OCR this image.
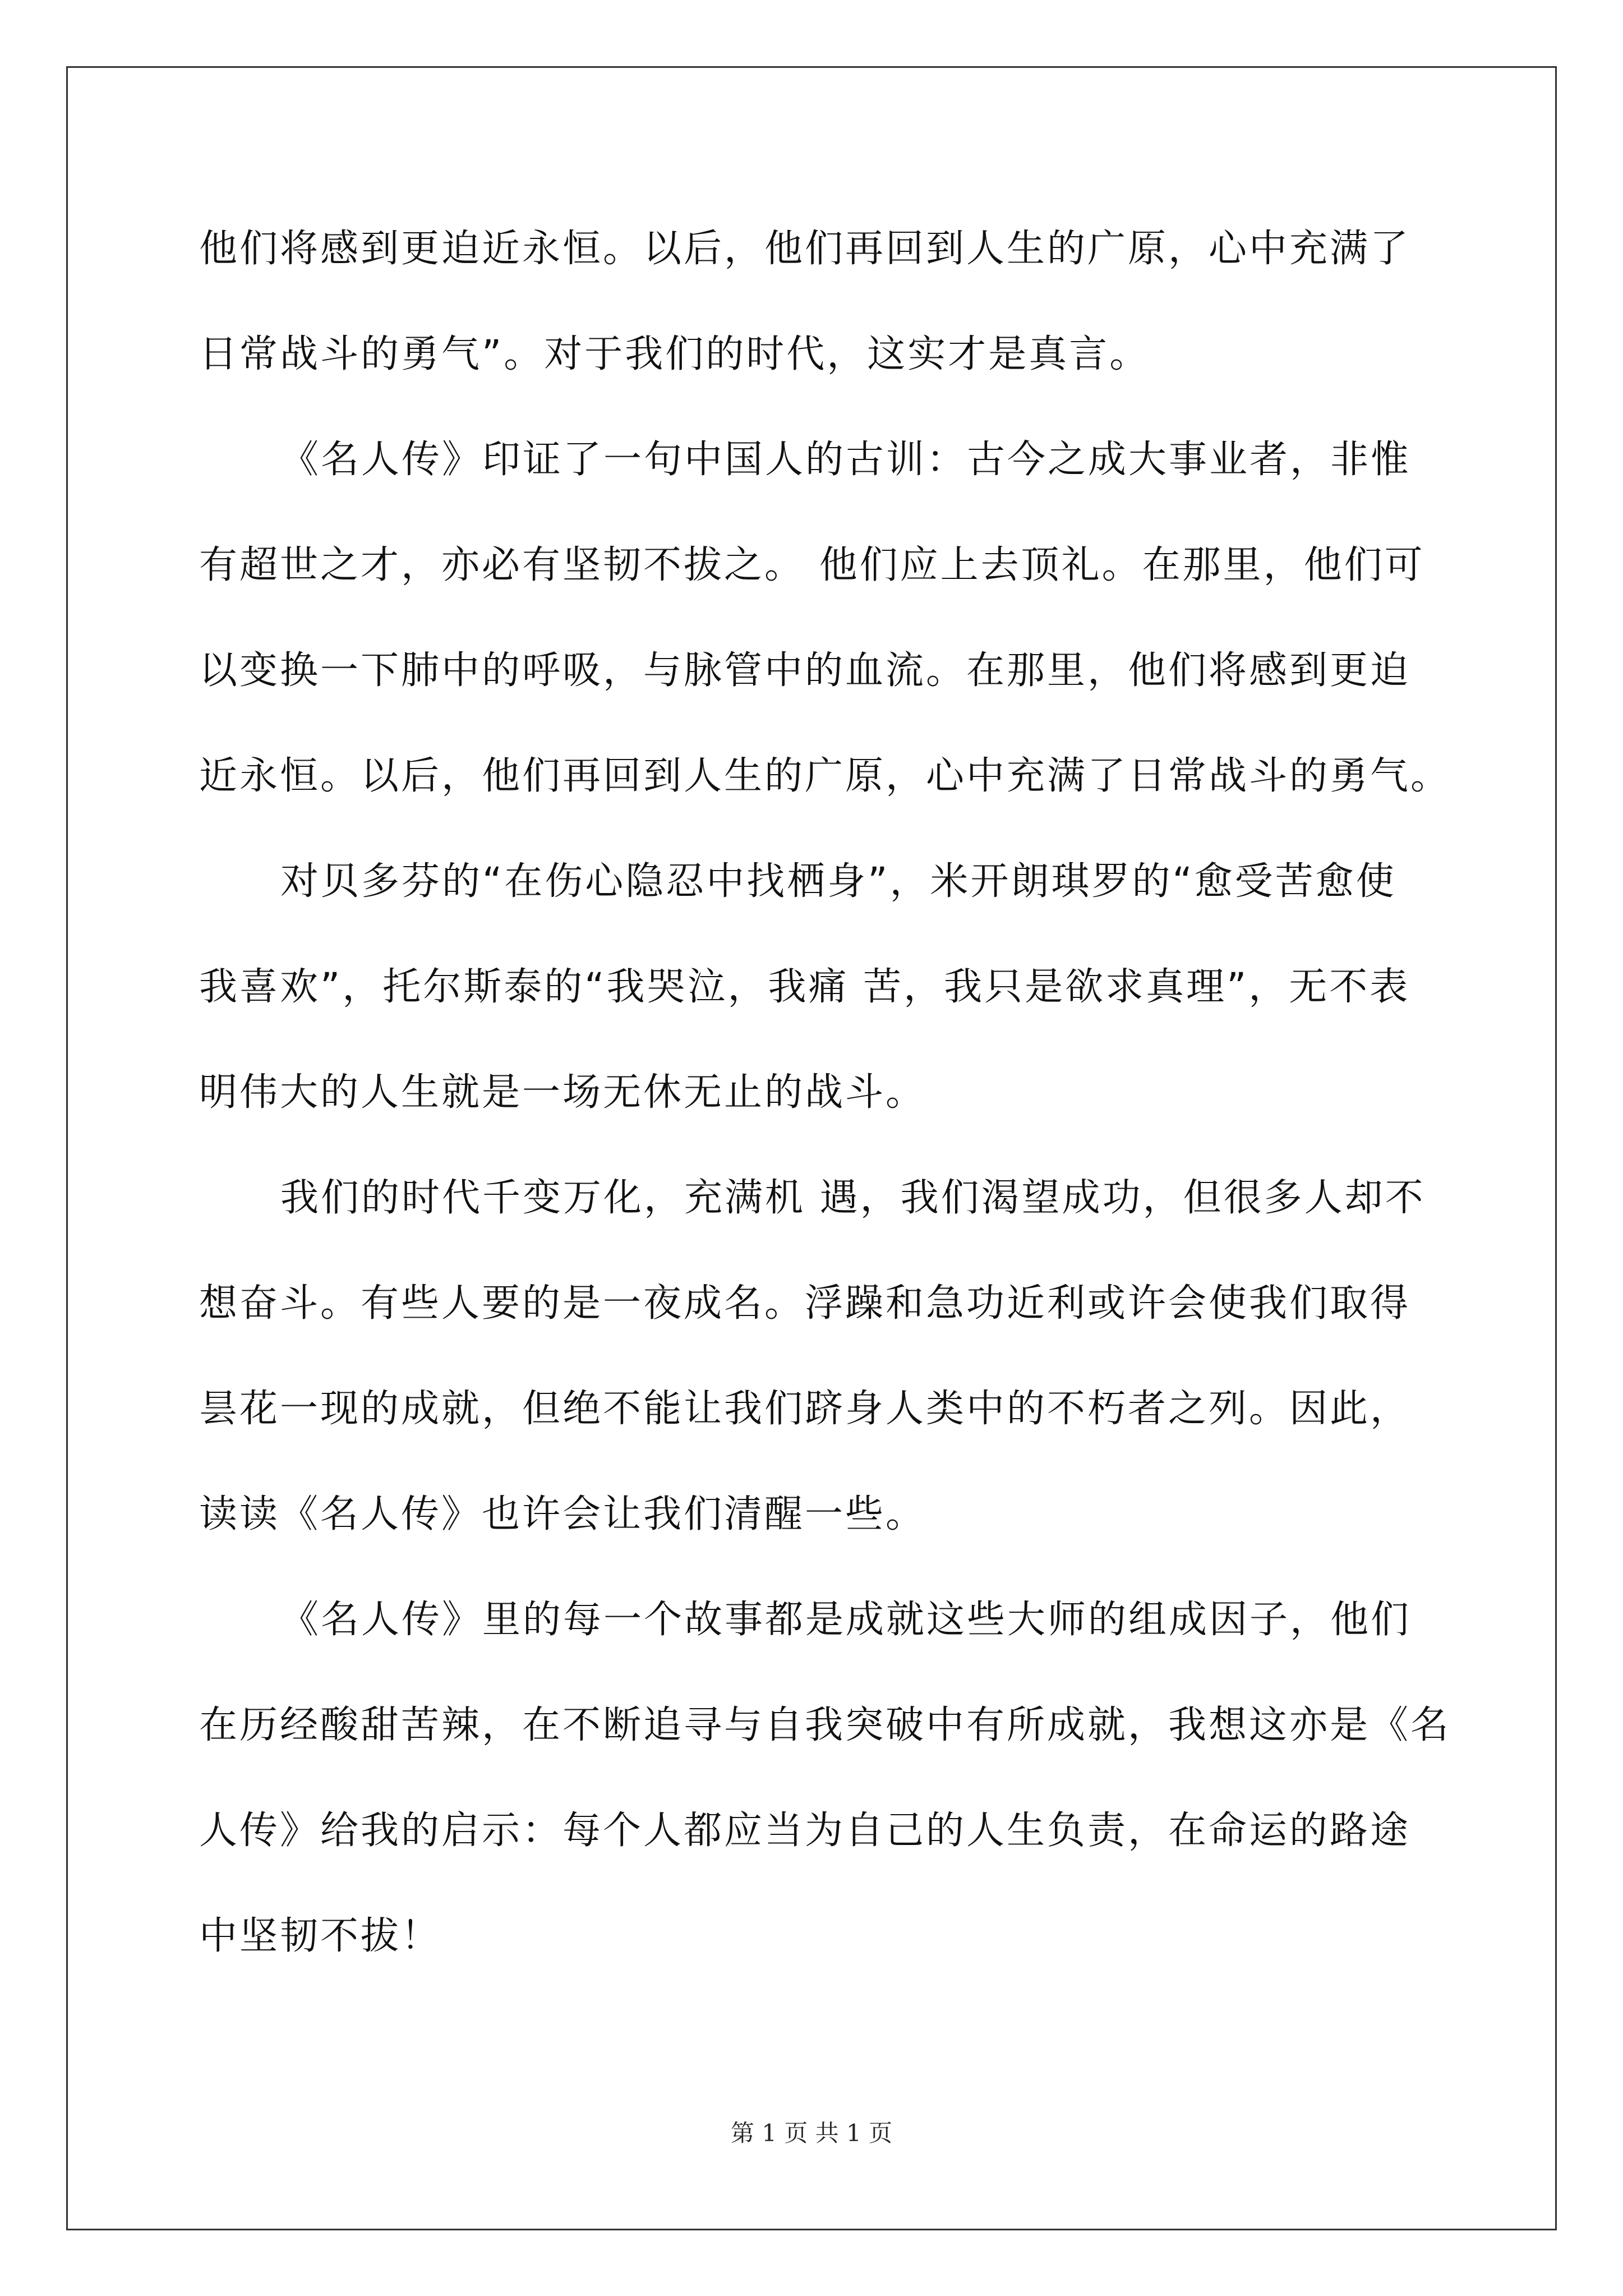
他们将感到更迫近永恒。以后，他们再回到人生的广原，心中充满了
日常战斗的勇气”。对于我们的时代，这实才是真言。
《名人传》印证了一句中国人的古训：古今之成大事业者，非惟
有超世之才，亦必有坚韧不拔之。 他们应上去顶礼。在那里，他们可
以变换一下肺中的呼吸，与脉管中的血流。在那里，他们将感到更迫
近永恒。以后，他们再回到人生的广原，心中充满了日常战斗的勇气。
对贝多芬的“在伤心隐忍中找栖身”，米开朗琪罗的“愈受苦愈使
我喜欢”，托尔斯泰的“我哭泣，我痛 苦，我只是欲求真理”，无不表
明伟大的人生就是一场无休无止的战斗。
我们的时代千变万化，充满机 遇，我们渴望成功，但很多人却不
想奋斗。有些人要的是一夜成名。浮躁和急功近利或许会使我们取得
昙花一现的成就，但绝不能让我们跻身人类中的不朽者之列。因此，
读读《名人传》也许会让我们清醒一些。
《名人传》里的每一个故事都是成就这些大师的组成因子，他们
在历经酸甜苦辣，在不断追寻与自我突破中有所成就，我想这亦是《名
人传》给我的启示：每个人都应当为自己的人生负责，在命运的路途
中坚韧不拔！
第 1 页 共 1 页
